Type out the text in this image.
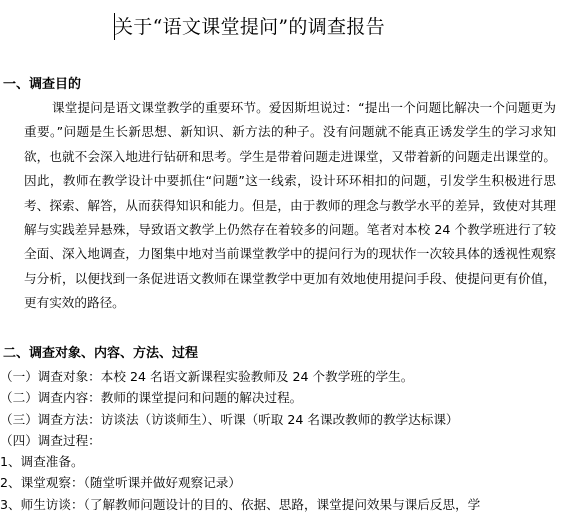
关于“语文课堂提问”的调查报告
一、调查目的

课堂提问是语文课堂教学的重要环节。爱因斯坦说过：“提出一个问题比解决一个问题更为重要。”问题是生长新思想、新知识、新方法的种子。没有问题就不能真正诱发学生的学习求知欲，也就不会深入地进行钻研和思考。学生是带着问题走进课堂，又带着新的问题走出课堂的。因此，教师在教学设计中要抓住“问题”这一线索，设计环环相扣的问题，引发学生积极进行思考、探索、解答，从而获得知识和能力。但是，由于教师的理念与教学水平的差异，致使对其理解与实践差异悬殊，导致语文教学上仍然存在着较多的问题。笔者对本校 24 个教学班进行了较全面、深入地调查，力图集中地对当前课堂教学中的提问行为的现状作一次较具体的透视性观察与分析，以便找到一条促进语文教师在课堂教学中更加有效地使用提问手段、使提问更有价值，更有实效的路径。

二、调查对象、内容、方法、过程
（一）调查对象：本校 24 名语文新课程实验教师及 24 个教学班的学生。
（二）调查内容：教师的课堂提问和问题的解决过程。
（三）调查方法：访谈法（访谈师生）、听课（听取 24 名课改教师的教学达标课）
（四）调查过程：
1、调查准备。
2、课堂观察：（随堂听课并做好观察记录）
3、师生访谈：（了解教师问题设计的目的、依据、思路，课堂提问效果与课后反思，学
